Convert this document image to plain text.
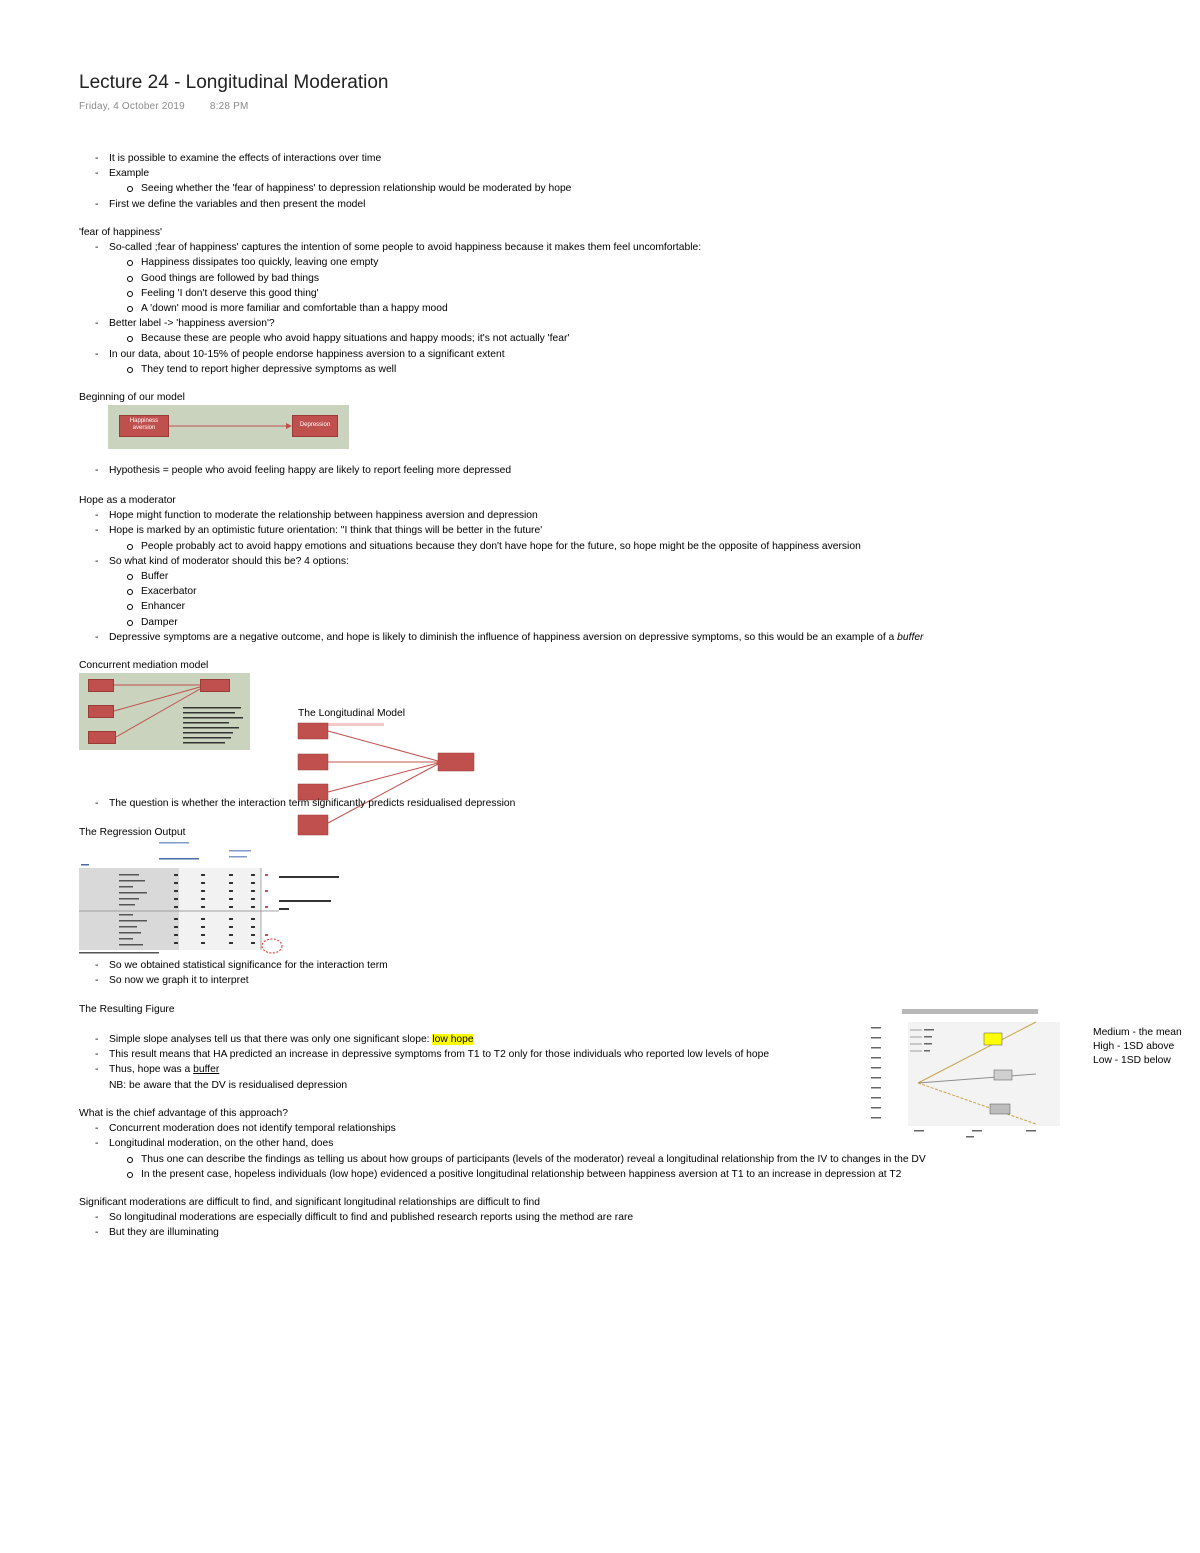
Lecture 24 - Longitudinal Moderation
Friday, 4 October 2019 8:28 PM
- It is possible to examine the effects of interactions over time
- Example
Seeing whether the 'fear of happiness' to depression relationship would be moderated by hope
- First we define the variables and then present the model
'fear of happiness'
- So-called ;fear of happiness' captures the intention of some people to avoid happiness because it makes them feel uncomfortable:
Happiness dissipates too quickly, leaving one empty
Good things are followed by bad things
Feeling 'I don't deserve this good thing'
A 'down' mood is more familiar and comfortable than a happy mood
- Better label -> 'happiness aversion'?
Because these are people who avoid happy situations and happy moods; it's not actually 'fear'
- In our data, about 10-15% of people endorse happiness aversion to a significant extent
They tend to report higher depressive symptoms as well
Beginning of our model
Happiness aversion	Depression
- Hypothesis = people who avoid feeling happy are likely to report feeling more depressed
Hope as a moderator
- Hope might function to moderate the relationship between happiness aversion and depression
- Hope is marked by an optimistic future orientation: "I think that things will be better in the future'
People probably act to avoid happy emotions and situations because they don't have hope for the future, so hope might be the opposite of happiness aversion
- So what kind of moderator should this be? 4 options:
Buffer
Exacerbator
Enhancer
Damper
- Depressive symptoms are a negative outcome, and hope is likely to diminish the influence of happiness aversion on depressive symptoms, so this would be an example of a buffer
Concurrent mediation model
The Longitudinal Model
- The question is whether the interaction term significantly predicts residualised depression
The Regression Output
- So we obtained statistical significance for the interaction term
- So now we graph it to interpret
The Resulting Figure
- Simple slope analyses tell us that there was only one significant slope: low hope
- This result means that HA predicted an increase in depressive symptoms from T1 to T2 only for those individuals who reported low levels of hope
- Thus, hope was a buffer
NB: be aware that the DV is residualised depression
Medium - the mean
High - 1SD above
Low - 1SD below
What is the chief advantage of this approach?
- Concurrent moderation does not identify temporal relationships
- Longitudinal moderation, on the other hand, does
Thus one can describe the findings as telling us about how groups of participants (levels of the moderator) reveal a longitudinal relationship from the IV to changes in the DV
In the present case, hopeless individuals (low hope) evidenced a positive longitudinal relationship between happiness aversion at T1 to an increase in depression at T2
Significant moderations are difficult to find, and significant longitudinal relationships are difficult to find
- So longitudinal moderations are especially difficult to find and published research reports using the method are rare
- But they are illuminating
